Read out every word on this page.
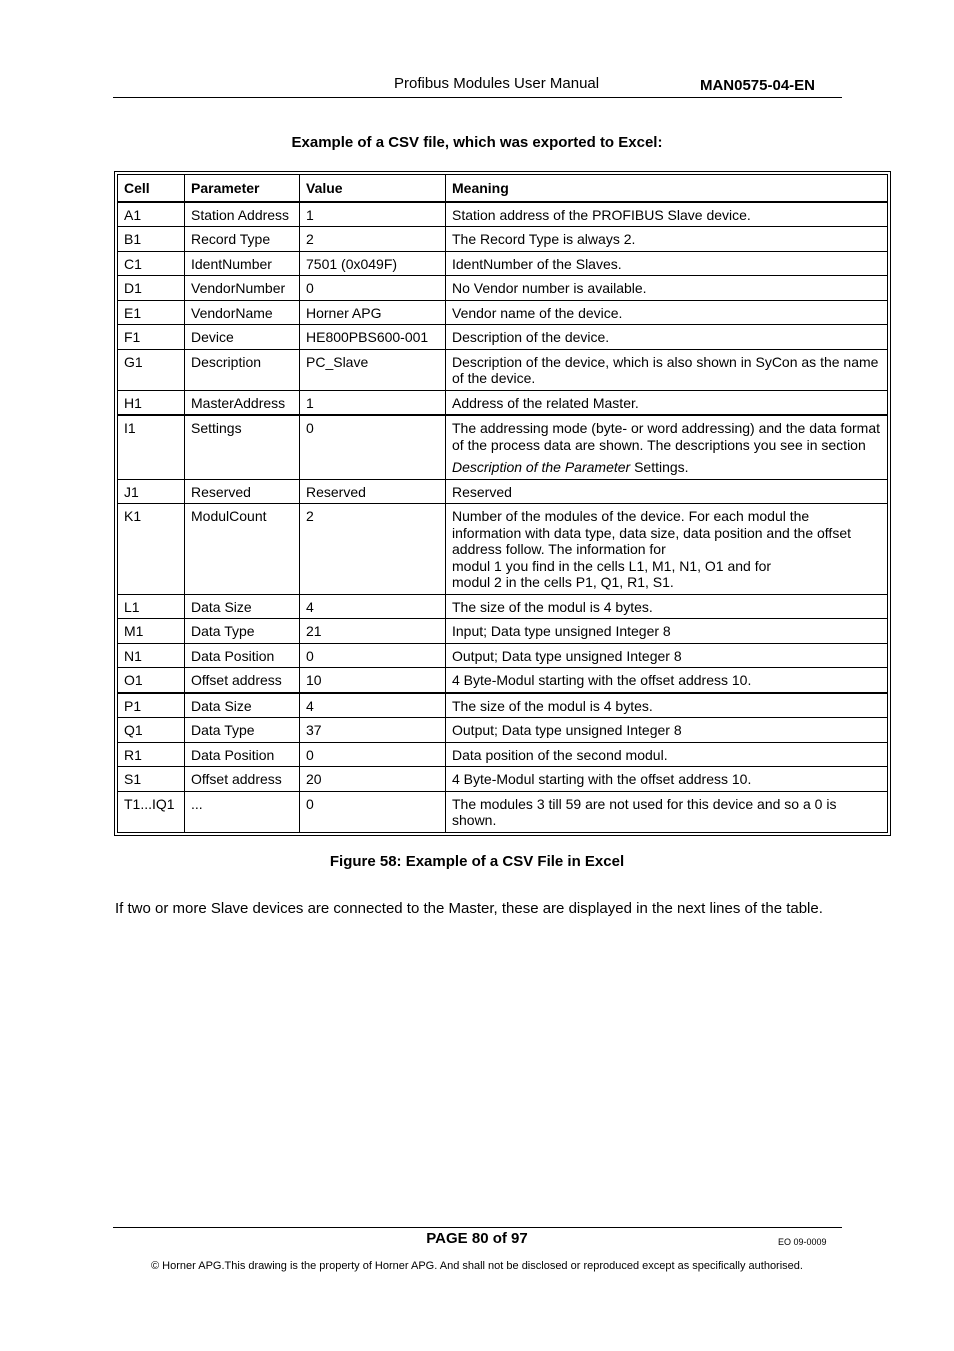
Profibus Modules User Manual	MAN0575-04-EN
Example of a CSV file, which was exported to Excel:
Cell	Parameter	Value	Meaning
A1	Station Address	1	Station address of the PROFIBUS Slave device.
B1	Record Type	2	The Record Type is always 2.
C1	IdentNumber	7501 (0x049F)	IdentNumber of the Slaves.
D1	VendorNumber	0	No Vendor number is available.
E1	VendorName	Horner APG	Vendor name of the device.
F1	Device	HE800PBS600-001	Description of the device.
G1	Description	PC_Slave	Description of the device, which is also shown in SyCon as the name of the device.
H1	MasterAddress	1	Address of the related Master.
I1	Settings	0	The addressing mode (byte- or word addressing) and the data format of the process data are shown. The descriptions you see in section
Description of the Parameter Settings.

J1	Reserved	Reserved	Reserved
K1	ModulCount	2	Number of the modules of the device. For each modul the information with data type, data size, data position and the offset address follow. The information for
modul 1 you find in the cells L1, M1, N1, O1 and for
modul 2 in the cells P1, Q1, R1, S1.

L1	Data Size	4	The size of the modul is 4 bytes.
M1	Data Type	21	Input; Data type unsigned Integer 8
N1	Data Position	0	Output; Data type unsigned Integer 8
O1	Offset address	10	4 Byte-Modul starting with the offset address 10.
P1	Data Size	4	The size of the modul is 4 bytes.
Q1	Data Type	37	Output; Data type unsigned Integer 8
R1	Data Position	0	Data position of the second modul.
S1	Offset address	20	4 Byte-Modul starting with the offset address 10.
T1...IQ1	...	0	The modules 3 till 59 are not used for this device and so a 0 is shown.
Figure 58: Example of a CSV File in Excel
If two or more Slave devices are connected to the Master, these are displayed in the next lines of the table.
PAGE 80 of 97	EO 09-0009
© Horner APG.This drawing is the property of Horner APG. And shall not be disclosed or reproduced except as specifically authorised.
